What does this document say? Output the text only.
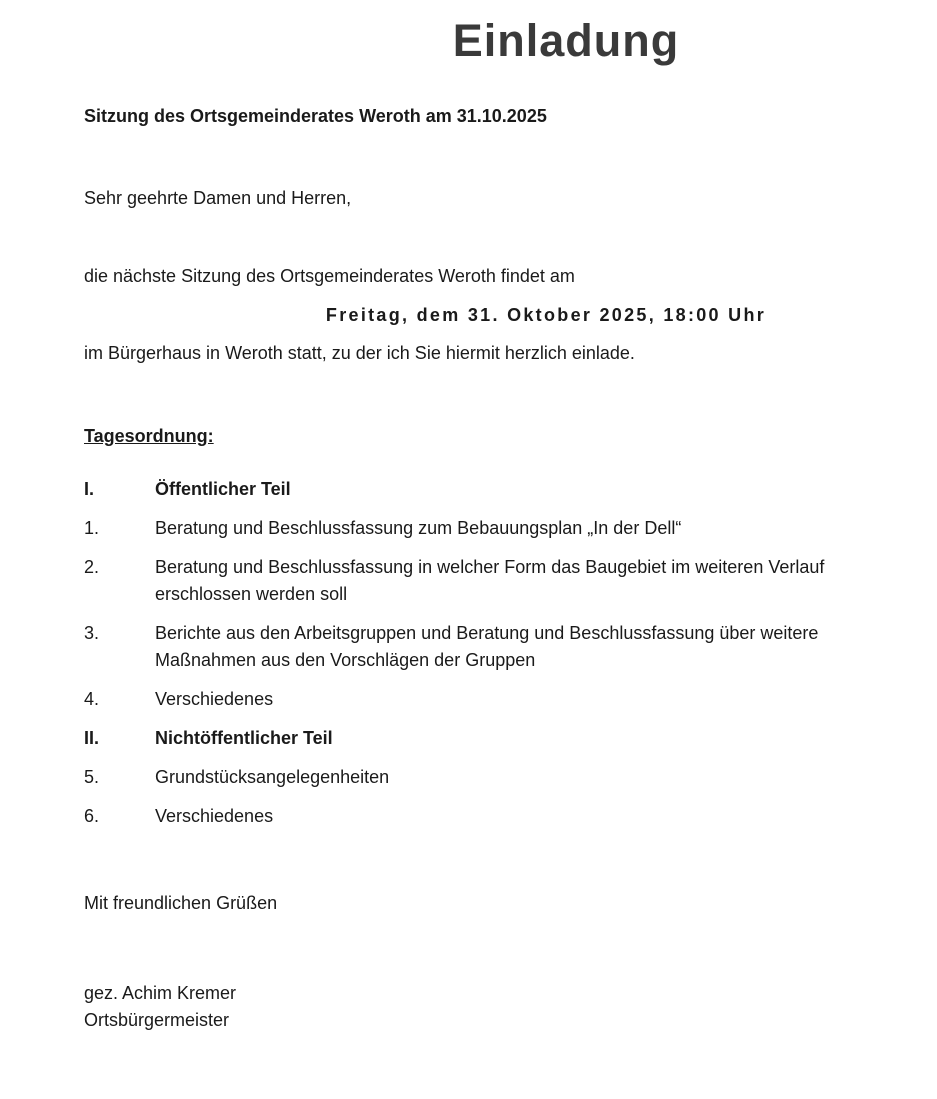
Einladung
Sitzung des Ortsgemeinderates Weroth am 31.10.2025
Sehr geehrte Damen und Herren,
die nächste Sitzung des Ortsgemeinderates Weroth findet am
Freitag, dem 31. Oktober 2025, 18:00 Uhr
im Bürgerhaus in Weroth statt, zu der ich Sie hiermit herzlich einlade.
Tagesordnung:
I.	Öffentlicher Teil
1.	Beratung und Beschlussfassung zum Bebauungsplan „In der Dell“
2.	Beratung und Beschlussfassung in welcher Form das Baugebiet im weiteren Verlauf erschlossen werden soll
3.	Berichte aus den Arbeitsgruppen und Beratung und Beschlussfassung über weitere Maßnahmen aus den Vorschlägen der Gruppen
4.	Verschiedenes
II.	Nichtöffentlicher Teil
5.	Grundstücksangelegenheiten
6.	Verschiedenes
Mit freundlichen Grüßen
gez. Achim Kremer
Ortsbürgermeister
